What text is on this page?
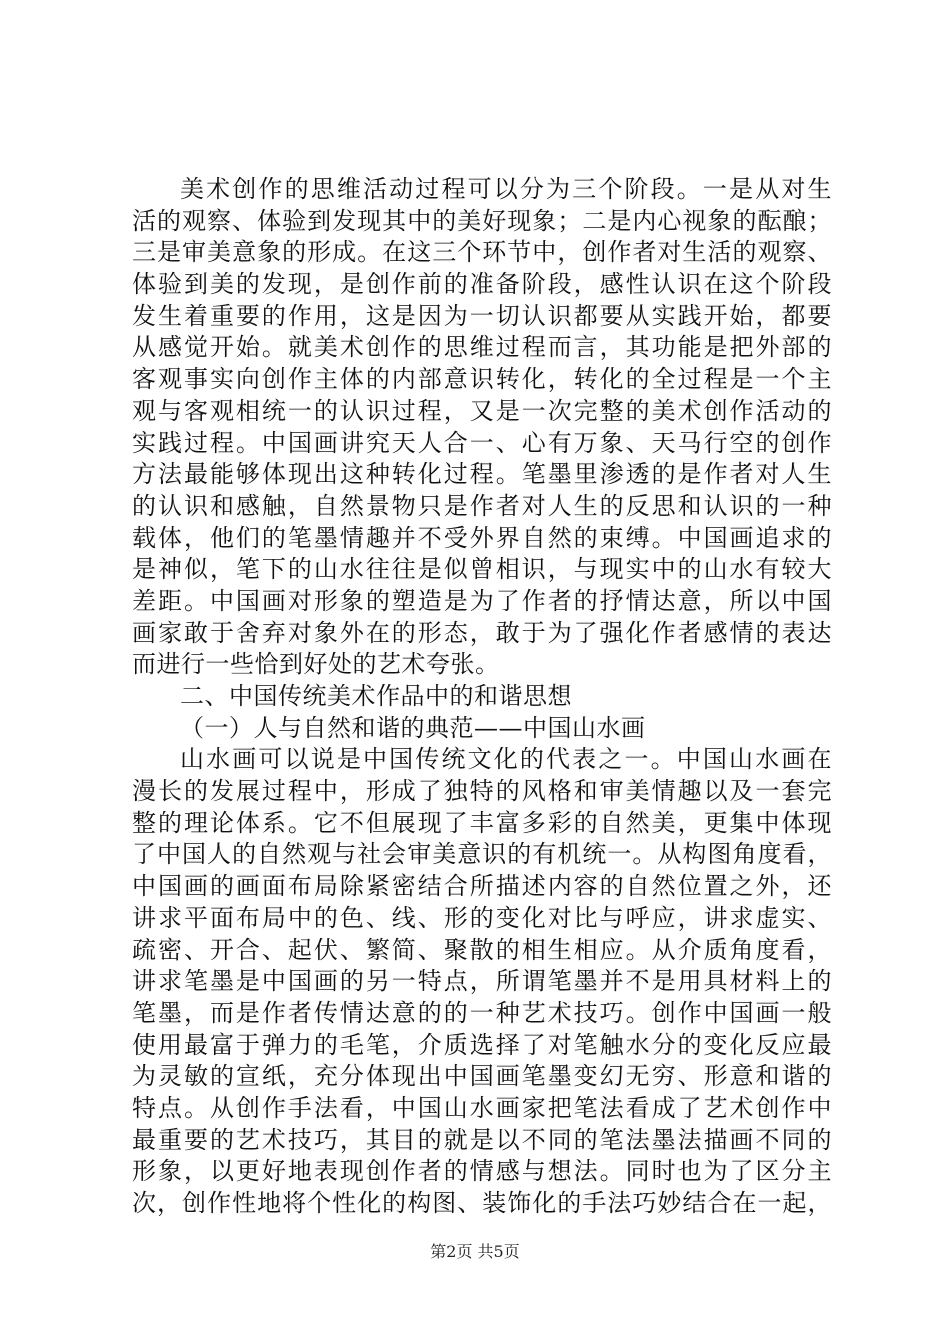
美术创作的思维活动过程可以分为三个阶段。一是从对生
活的观察、体验到发现其中的美好现象；二是内心视象的酝酿；
三是审美意象的形成。在这三个环节中，创作者对生活的观察、
体验到美的发现，是创作前的准备阶段，感性认识在这个阶段
发生着重要的作用，这是因为一切认识都要从实践开始，都要
从感觉开始。就美术创作的思维过程而言，其功能是把外部的
客观事实向创作主体的内部意识转化，转化的全过程是一个主
观与客观相统一的认识过程，又是一次完整的美术创作活动的
实践过程。中国画讲究天人合一、心有万象、天马行空的创作
方法最能够体现出这种转化过程。笔墨里渗透的是作者对人生
的认识和感触，自然景物只是作者对人生的反思和认识的一种
载体，他们的笔墨情趣并不受外界自然的束缚。中国画追求的
是神似，笔下的山水往往是似曾相识，与现实中的山水有较大
差距。中国画对形象的塑造是为了作者的抒情达意，所以中国
画家敢于舍弃对象外在的形态，敢于为了强化作者感情的表达
而进行一些恰到好处的艺术夸张。
二、中国传统美术作品中的和谐思想
（一）人与自然和谐的典范——中国山水画
山水画可以说是中国传统文化的代表之一。中国山水画在
漫长的发展过程中，形成了独特的风格和审美情趣以及一套完
整的理论体系。它不但展现了丰富多彩的自然美，更集中体现
了中国人的自然观与社会审美意识的有机统一。从构图角度看，
中国画的画面布局除紧密结合所描述内容的自然位置之外，还
讲求平面布局中的色、线、形的变化对比与呼应，讲求虚实、
疏密、开合、起伏、繁简、聚散的相生相应。从介质角度看，
讲求笔墨是中国画的另一特点，所谓笔墨并不是用具材料上的
笔墨，而是作者传情达意的的一种艺术技巧。创作中国画一般
使用最富于弹力的毛笔，介质选择了对笔触水分的变化反应最
为灵敏的宣纸，充分体现出中国画笔墨变幻无穷、形意和谐的
特点。从创作手法看，中国山水画家把笔法看成了艺术创作中
最重要的艺术技巧，其目的就是以不同的笔法墨法描画不同的
形象，以更好地表现创作者的情感与想法。同时也为了区分主
次，创作性地将个性化的构图、装饰化的手法巧妙结合在一起，
第2页 共5页
